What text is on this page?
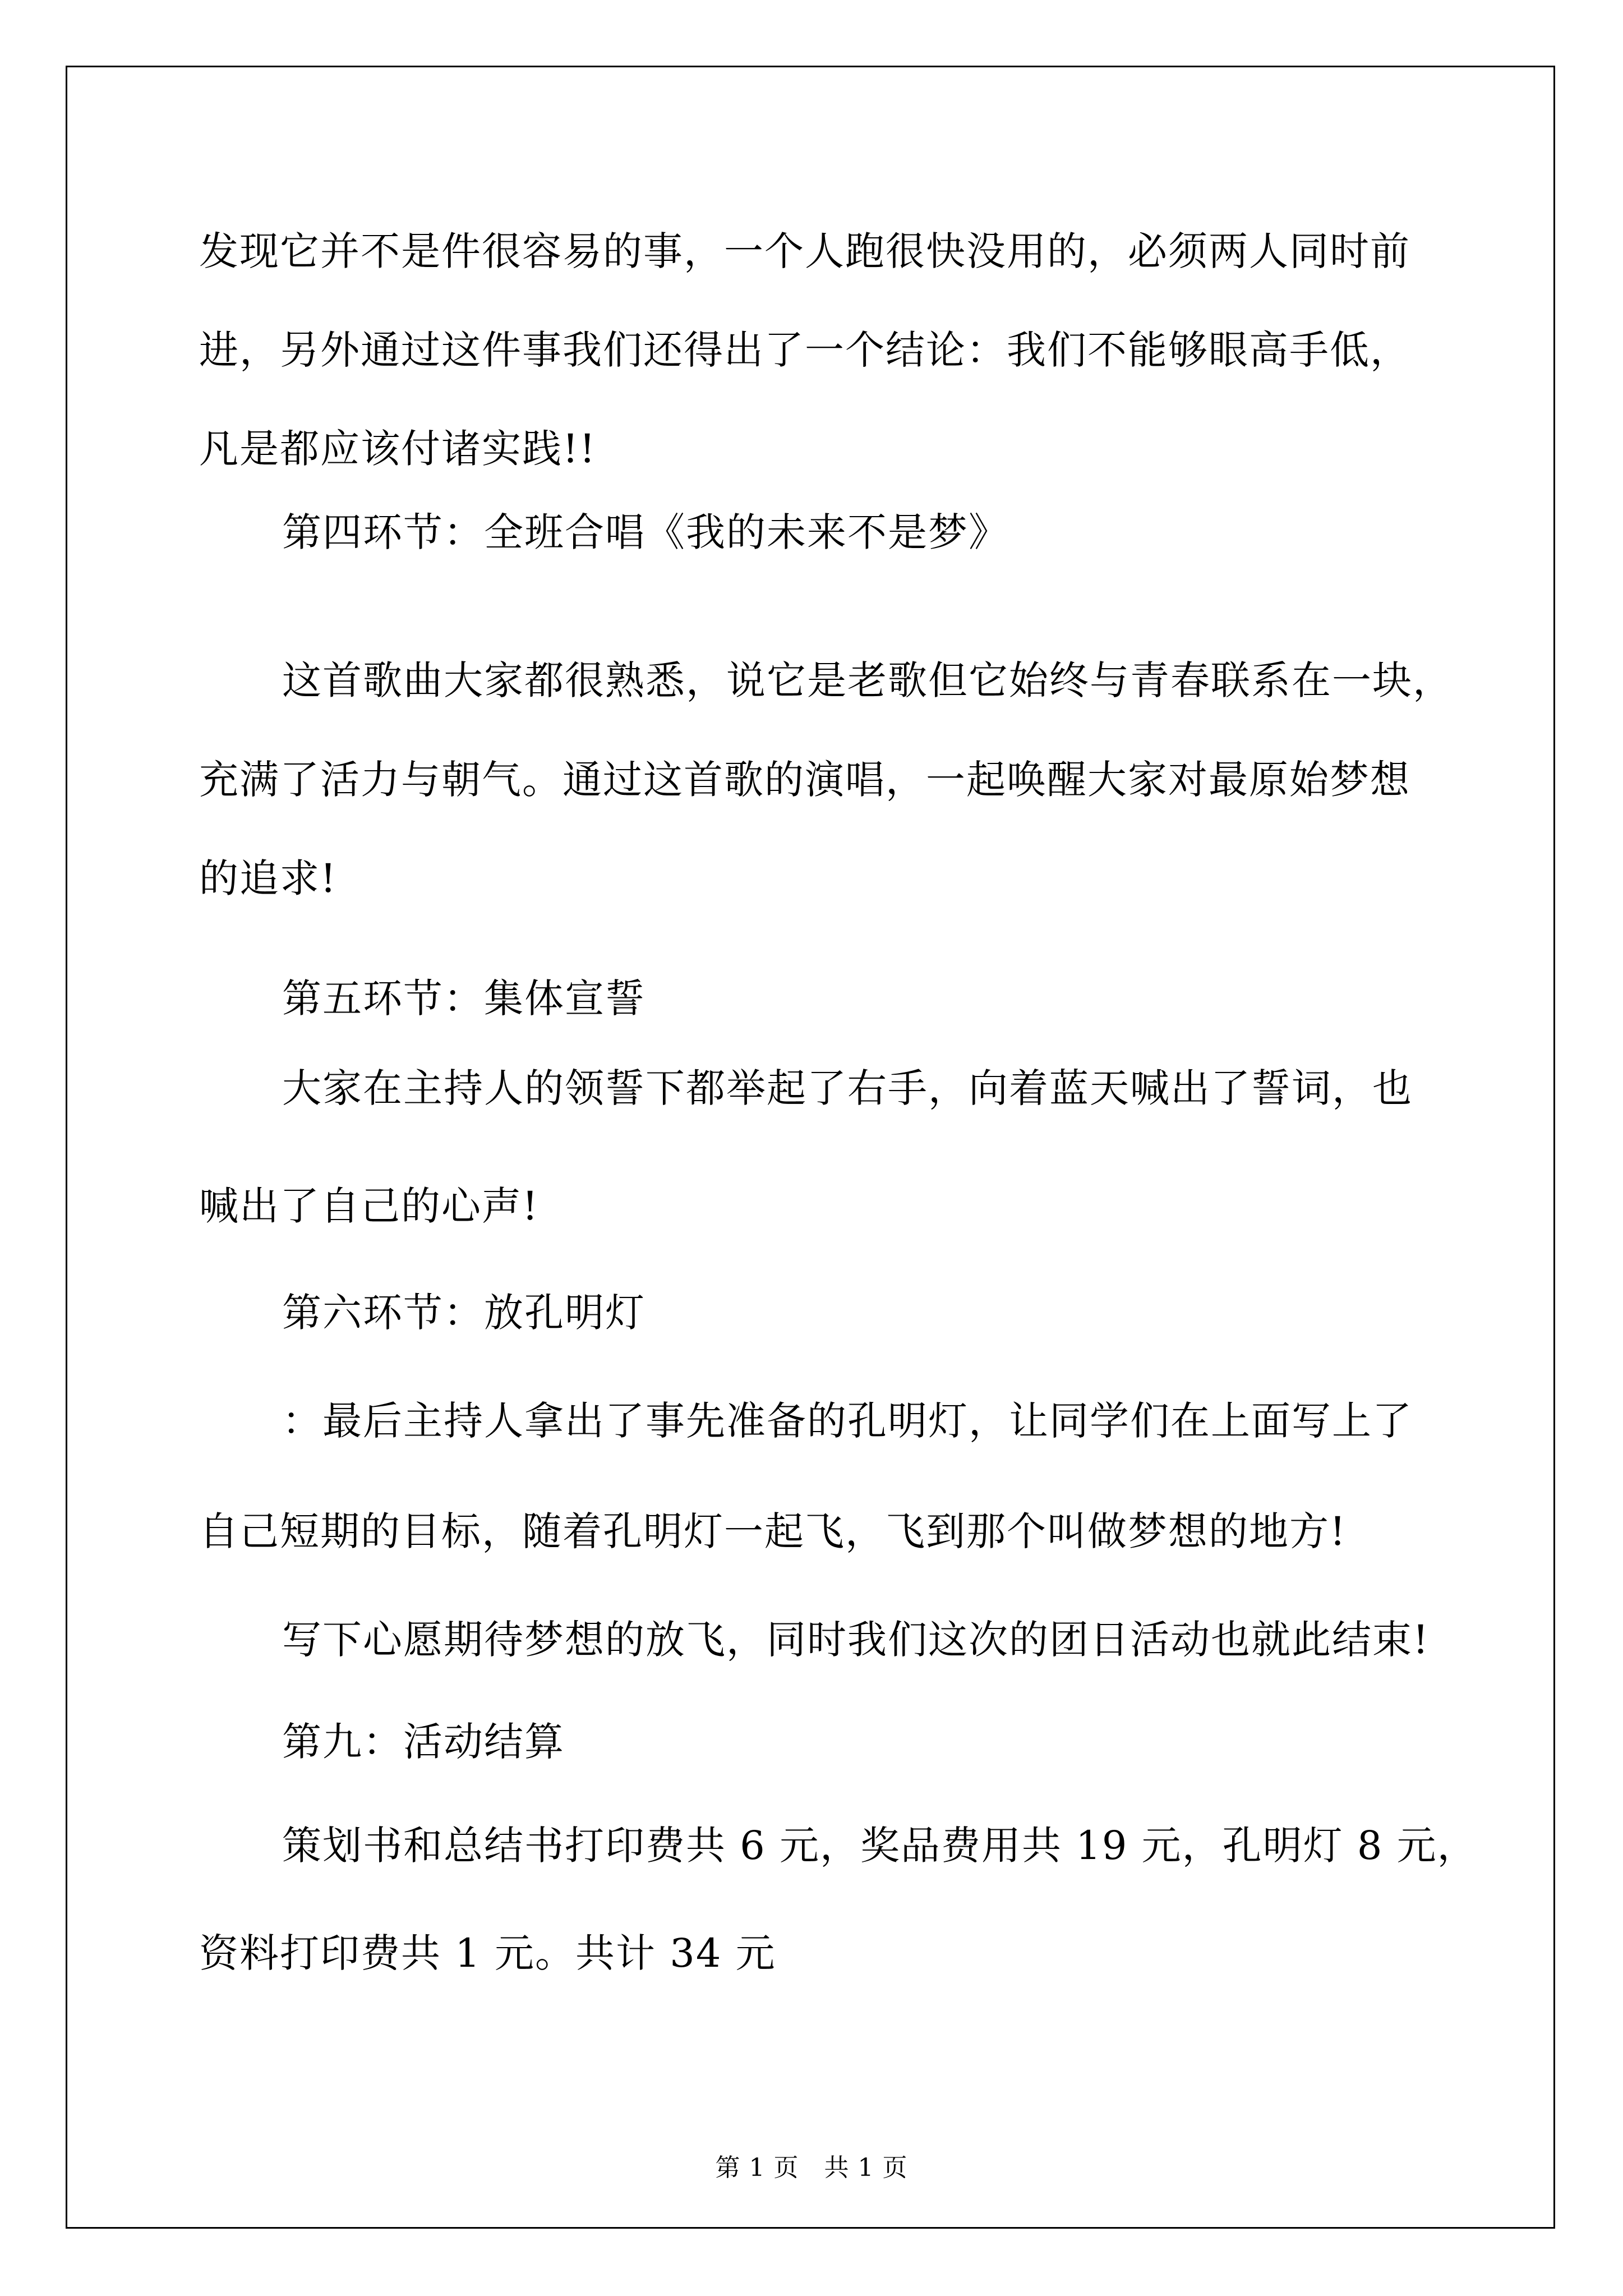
发现它并不是件很容易的事，一个人跑很快没用的，必须两人同时前
进，另外通过这件事我们还得出了一个结论：我们不能够眼高手低，
凡是都应该付诸实践!!
第四环节：全班合唱《我的未来不是梦》
这首歌曲大家都很熟悉，说它是老歌但它始终与青春联系在一块，
充满了活力与朝气。通过这首歌的演唱，一起唤醒大家对最原始梦想
的追求!
第五环节：集体宣誓
大家在主持人的领誓下都举起了右手，向着蓝天喊出了誓词，也
喊出了自己的心声!
第六环节：放孔明灯
：最后主持人拿出了事先准备的孔明灯，让同学们在上面写上了
自己短期的目标，随着孔明灯一起飞，飞到那个叫做梦想的地方!
写下心愿期待梦想的放飞，同时我们这次的团日活动也就此结束!
第九：活动结算
策划书和总结书打印费共 6 元，奖品费用共 19 元，孔明灯 8 元，
资料打印费共 1 元。共计 34 元
第 1 页　共 1 页
